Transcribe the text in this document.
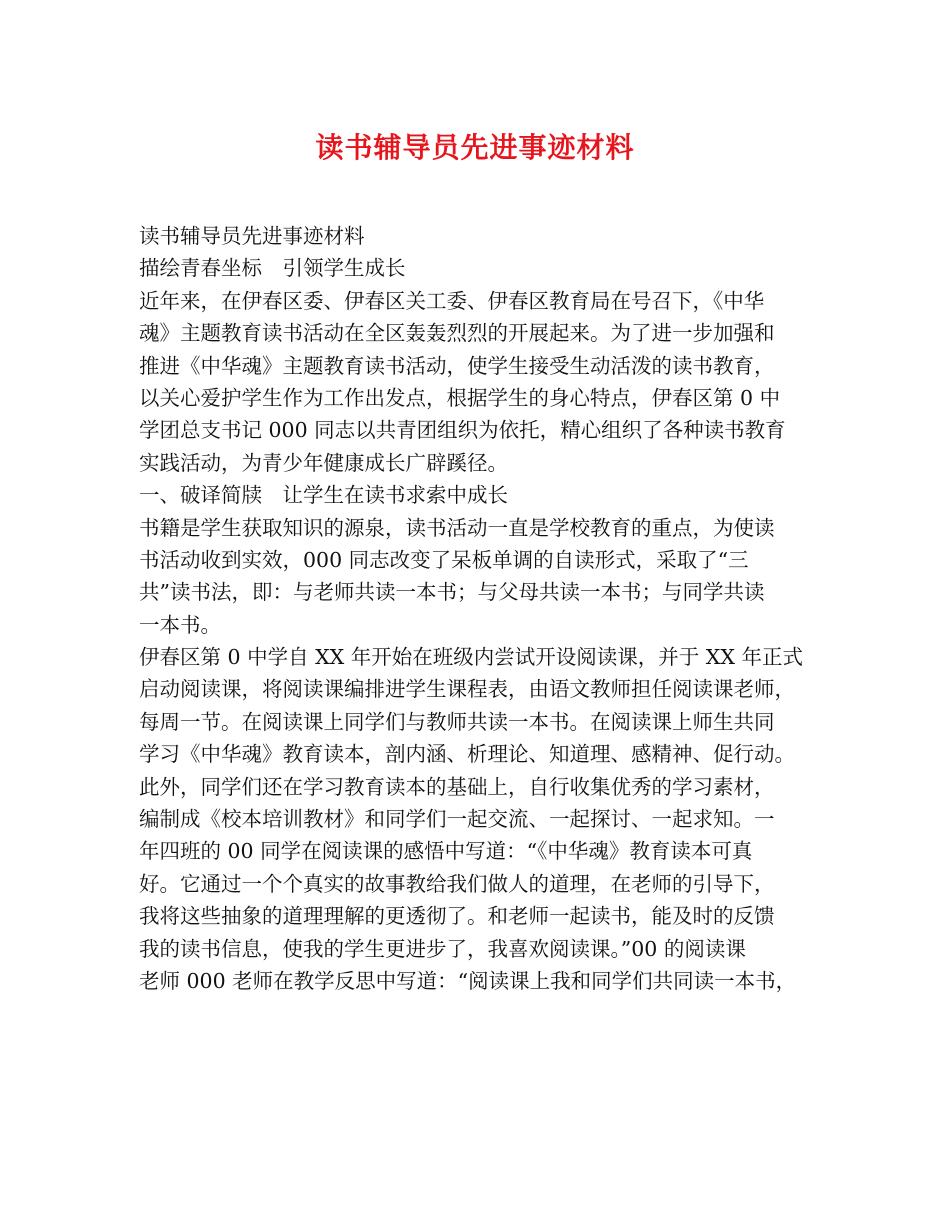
读书辅导员先进事迹材料
读书辅导员先进事迹材料
描绘青春坐标　引领学生成长
近年来，在伊春区委、伊春区关工委、伊春区教育局在号召下，《中华
魂》主题教育读书活动在全区轰轰烈烈的开展起来。为了进一步加强和
推进《中华魂》主题教育读书活动，使学生接受生动活泼的读书教育，
以关心爱护学生作为工作出发点，根据学生的身心特点，伊春区第 0 中
学团总支书记 000 同志以共青团组织为依托，精心组织了各种读书教育
实践活动，为青少年健康成长广辟蹊径。
一、破译简牍　让学生在读书求索中成长
书籍是学生获取知识的源泉，读书活动一直是学校教育的重点，为使读
书活动收到实效，000 同志改变了呆板单调的自读形式，采取了“三
共”读书法，即：与老师共读一本书；与父母共读一本书；与同学共读
一本书。
伊春区第 0 中学自 XX 年开始在班级内尝试开设阅读课，并于 XX 年正式
启动阅读课，将阅读课编排进学生课程表，由语文教师担任阅读课老师，
每周一节。在阅读课上同学们与教师共读一本书。在阅读课上师生共同
学习《中华魂》教育读本，剖内涵、析理论、知道理、感精神、促行动。
此外，同学们还在学习教育读本的基础上，自行收集优秀的学习素材，
编制成《校本培训教材》和同学们一起交流、一起探讨、一起求知。一
年四班的 00 同学在阅读课的感悟中写道：“《中华魂》教育读本可真
好。它通过一个个真实的故事教给我们做人的道理，在老师的引导下，
我将这些抽象的道理理解的更透彻了。和老师一起读书，能及时的反馈
我的读书信息，使我的学生更进步了，我喜欢阅读课。”00 的阅读课
老师 000 老师在教学反思中写道：“阅读课上我和同学们共同读一本书，
